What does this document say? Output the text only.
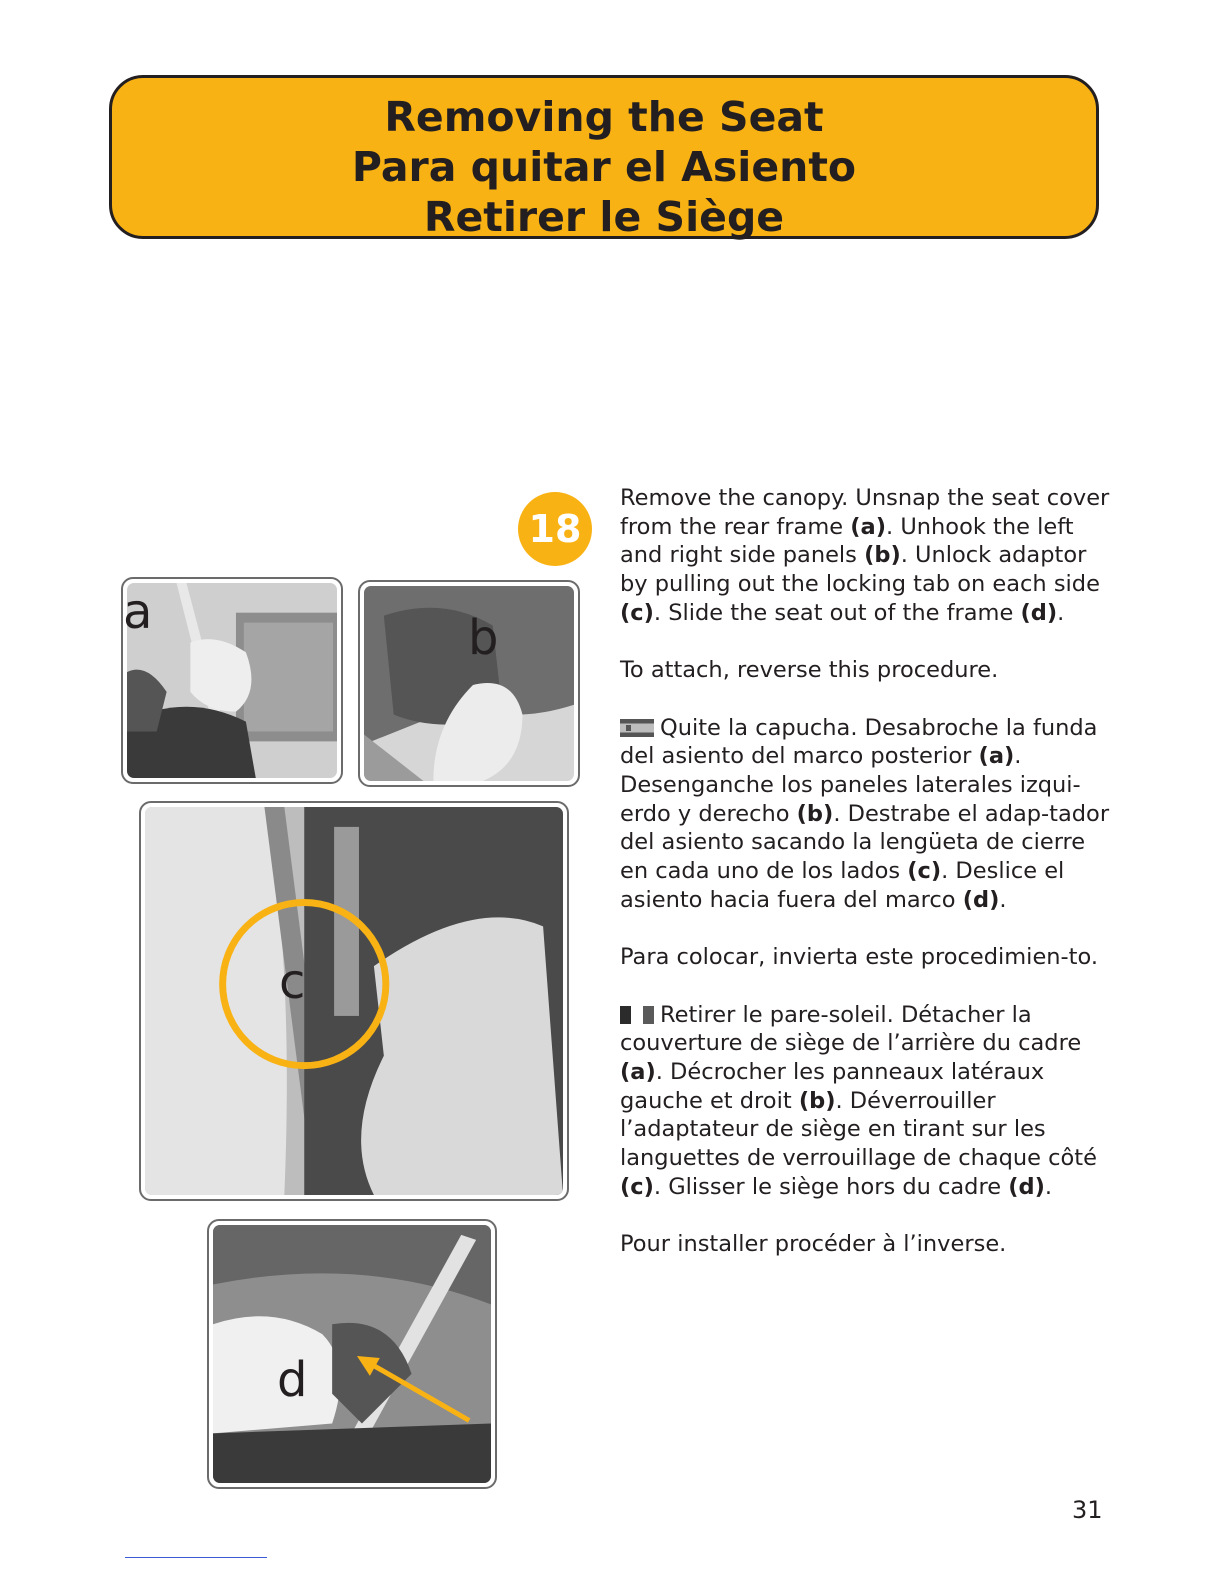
Removing the Seat
Para quitar el Asiento
Retirer le Siège
18
a	b
c
d

Remove the canopy. Unsnap the seat cover from the rear frame (a). Unhook the left and right side panels (b). Unlock adaptor by pulling out the locking tab on each side (c). Slide the seat out of the frame (d).

To attach, reverse this procedure.

Quite la capucha. Desabroche la funda del asiento del marco posterior (a). Desenganche los paneles laterales izqui-erdo y derecho (b). Destrabe el adap-tador del asiento sacando la lengüeta de cierre en cada uno de los lados (c). Deslice el asiento hacia fuera del marco (d).

Para colocar, invierta este procedimien-to.

Retirer le pare-soleil. Détacher la couverture de siège de l’arrière du cadre (a). Décrocher les panneaux latéraux gauche et droit (b). Déverrouiller l’adaptateur de siège en tirant sur les languettes de verrouillage de chaque côté (c). Glisser le siège hors du cadre (d).

Pour installer procéder à l’inverse.

31
